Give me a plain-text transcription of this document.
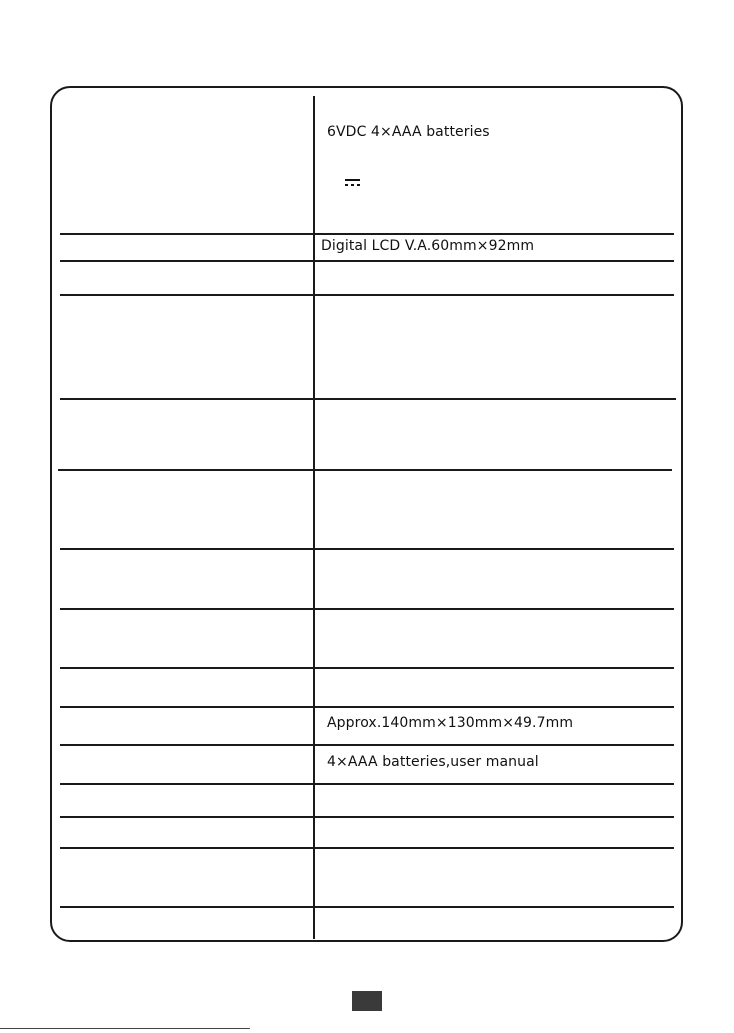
6VDC 4×AAA batteries
Digital LCD V.A.60mm×92mm
Approx.140mm×130mm×49.7mm
4×AAA batteries,user manual
